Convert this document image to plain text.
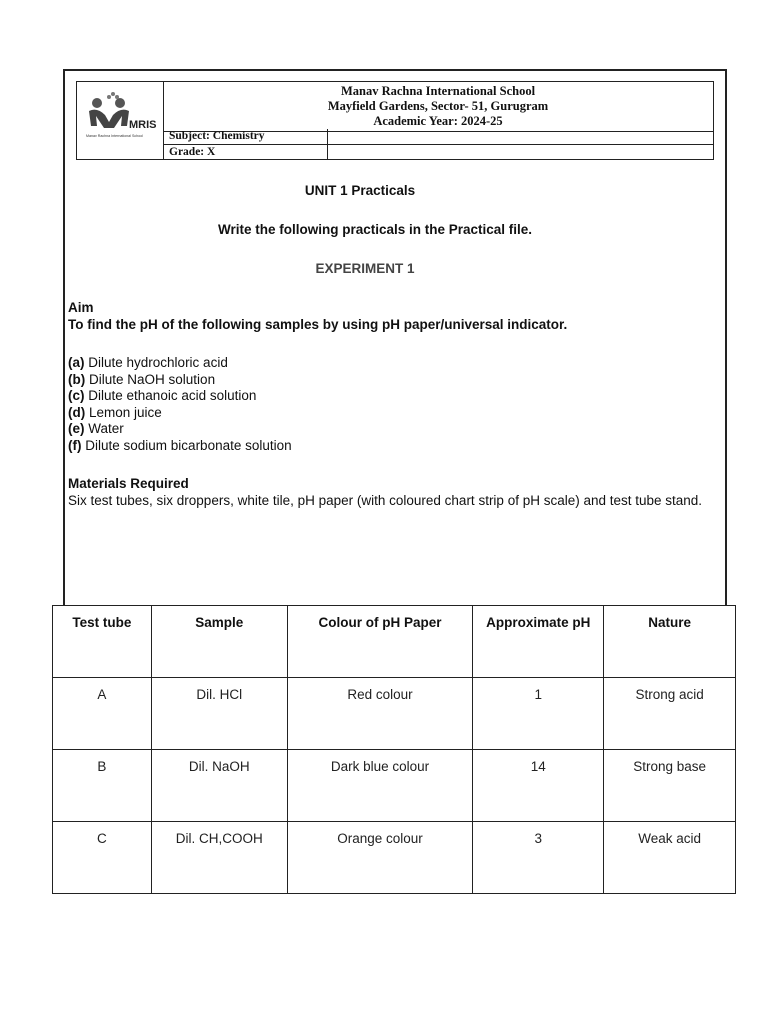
MRIS
Manav Rachna International School
Manav Rachna International School
Mayfield Gardens, Sector- 51, Gurugram
Academic Year: 2024-25
Subject: Chemistry
Grade: X
UNIT 1 Practicals
Write the following practicals in the Practical file.
EXPERIMENT 1
Aim
To find the pH of the following samples by using pH paper/universal indicator.
(a) Dilute hydrochloric acid
(b) Dilute NaOH solution
(c) Dilute ethanoic acid solution
(d) Lemon juice
(e) Water
(f) Dilute sodium bicarbonate solution
Materials Required
Six test tubes, six droppers, white tile, pH paper (with coloured chart strip of pH scale) and test tube stand.
Test tube	Sample	Colour of pH Paper	Approximate pH	Nature
A	Dil. HCl	Red colour	1	Strong acid
B	Dil. NaOH	Dark blue colour	14	Strong base
C	Dil. CH,COOH	Orange colour	3	Weak acid
